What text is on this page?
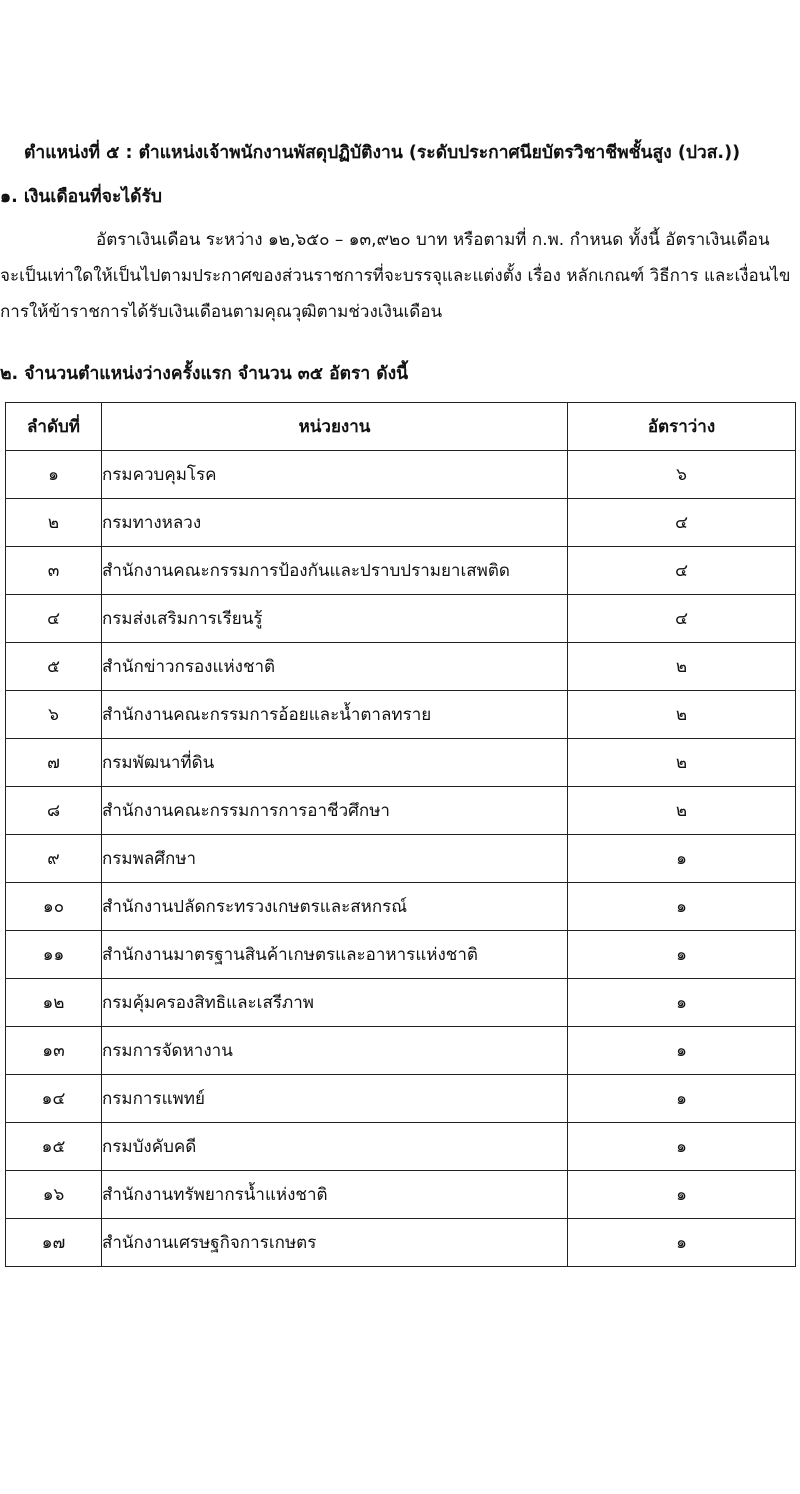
ตำแหน่งที่ ๕ : ตำแหน่งเจ้าพนักงานพัสดุปฏิบัติงาน (ระดับประกาศนียบัตรวิชาชีพชั้นสูง (ปวส.))
๑. เงินเดือนที่จะได้รับ
อัตราเงินเดือน ระหว่าง ๑๒,๖๕๐ – ๑๓,๙๒๐ บาท หรือตามที่ ก.พ. กำหนด ทั้งนี้ อัตราเงินเดือน
จะเป็นเท่าใดให้เป็นไปตามประกาศของส่วนราชการที่จะบรรจุและแต่งตั้ง เรื่อง หลักเกณฑ์ วิธีการ และเงื่อนไข
การให้ข้าราชการได้รับเงินเดือนตามคุณวุฒิตามช่วงเงินเดือน
๒. จำนวนตำแหน่งว่างครั้งแรก จำนวน ๓๕ อัตรา ดังนี้
ลำดับที่	หน่วยงาน	อัตราว่าง
๑	กรมควบคุมโรค	๖
๒	กรมทางหลวง	๔
๓	สำนักงานคณะกรรมการป้องกันและปราบปรามยาเสพติด	๔
๔	กรมส่งเสริมการเรียนรู้	๔
๕	สำนักข่าวกรองแห่งชาติ	๒
๖	สำนักงานคณะกรรมการอ้อยและน้ำตาลทราย	๒
๗	กรมพัฒนาที่ดิน	๒
๘	สำนักงานคณะกรรมการการอาชีวศึกษา	๒
๙	กรมพลศึกษา	๑
๑๐	สำนักงานปลัดกระทรวงเกษตรและสหกรณ์	๑
๑๑	สำนักงานมาตรฐานสินค้าเกษตรและอาหารแห่งชาติ	๑
๑๒	กรมคุ้มครองสิทธิและเสรีภาพ	๑
๑๓	กรมการจัดหางาน	๑
๑๔	กรมการแพทย์	๑
๑๕	กรมบังคับคดี	๑
๑๖	สำนักงานทรัพยากรน้ำแห่งชาติ	๑
๑๗	สำนักงานเศรษฐกิจการเกษตร	๑
